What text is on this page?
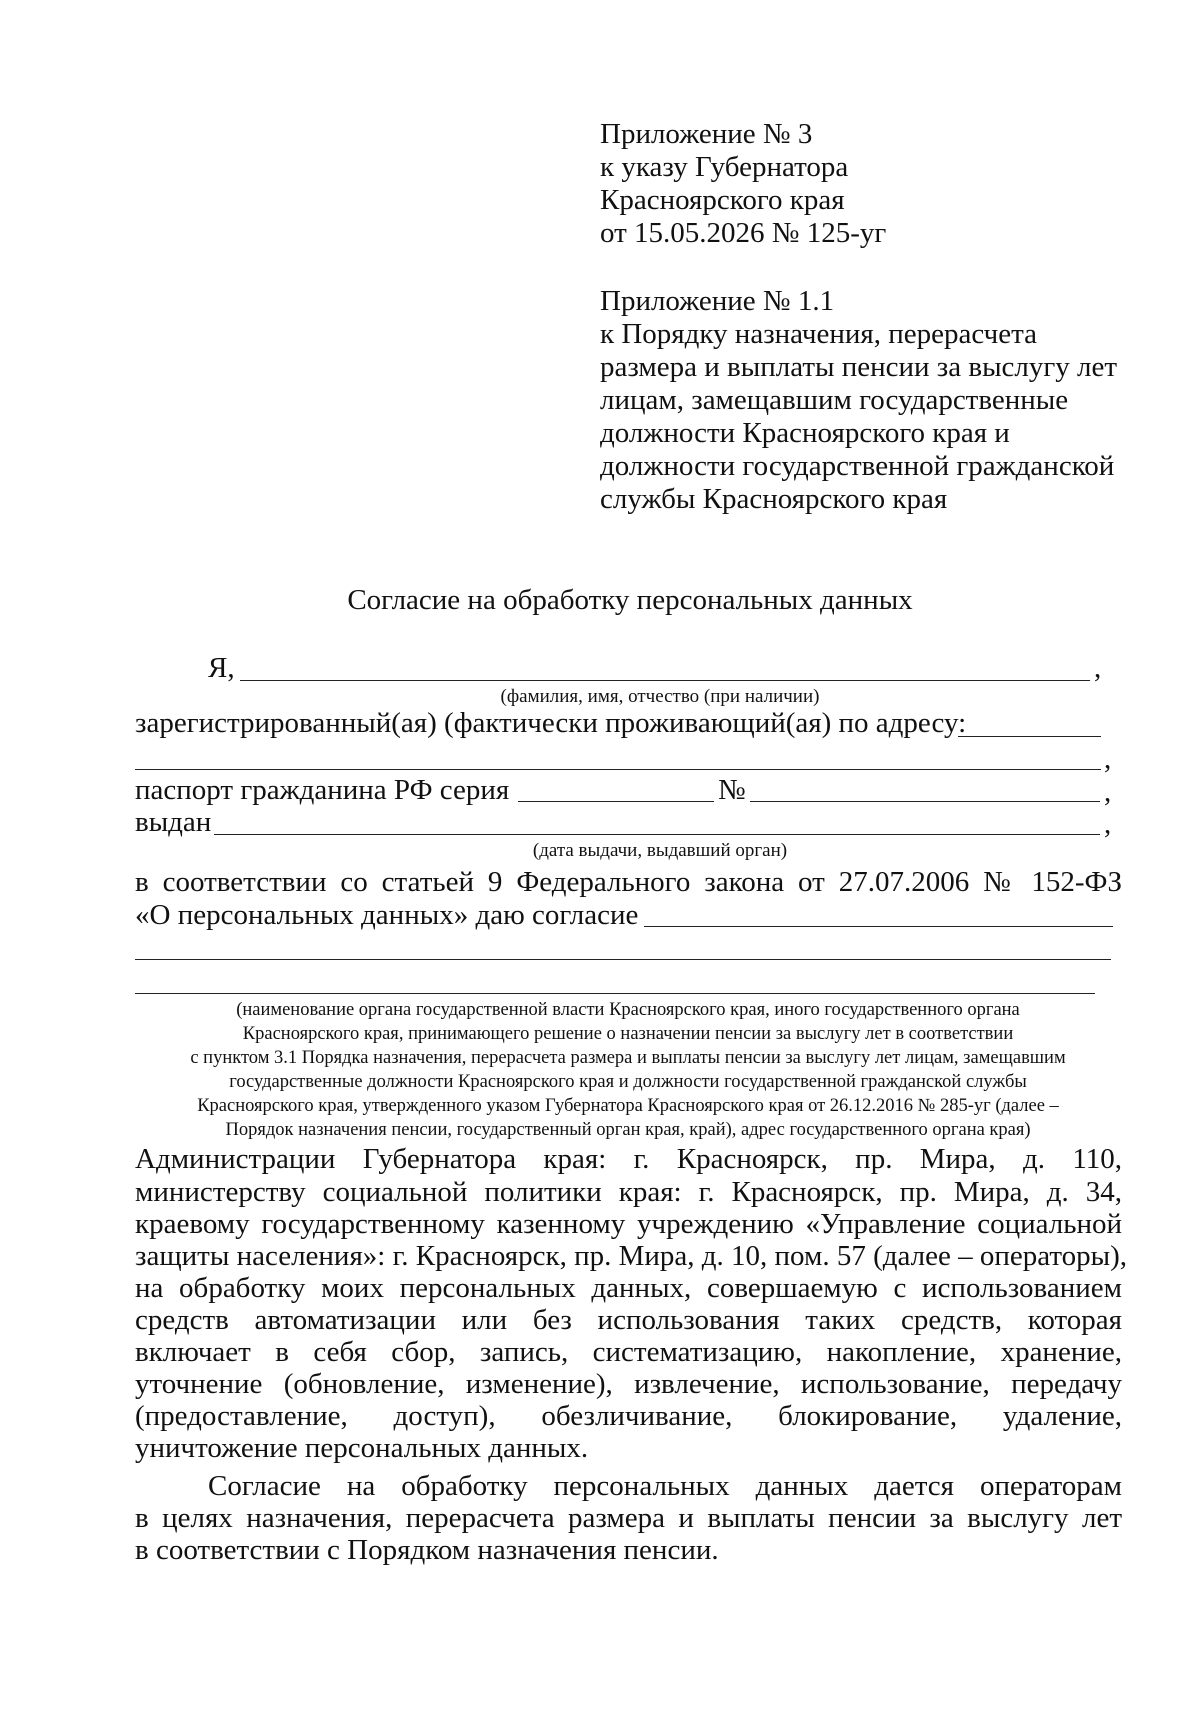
Приложение № 3
к указу Губернатора
Красноярского края
от 15.05.2026 № 125-уг
Приложение № 1.1
к Порядку назначения, перерасчета
размера и выплаты пенсии за выслугу лет
лицам, замещавшим государственные
должности Красноярского края и
должности государственной гражданской
службы Красноярского края
Согласие на обработку персональных данных
Я,	,
(фамилия, имя, отчество (при наличии)
зарегистрированный(ая) (фактически проживающий(ая) по адресу:
,
паспорт гражданина РФ серия	№	,
выдан	,
(дата выдачи, выдавший орган)
в соответствии со статьей 9 Федерального закона от 27.07.2006 № 152-ФЗ
«О персональных данных» даю согласие
(наименование органа государственной власти Красноярского края, иного государственного органа
Красноярского края, принимающего решение о назначении пенсии за выслугу лет в соответствии
с пунктом 3.1 Порядка назначения, перерасчета размера и выплаты пенсии за выслугу лет лицам, замещавшим
государственные должности Красноярского края и должности государственной гражданской службы
Красноярского края, утвержденного указом Губернатора Красноярского края от 26.12.2016 № 285-уг (далее –
Порядок назначения пенсии, государственный орган края, край), адрес государственного органа края)
Администрации Губернатора края: г. Красноярск, пр. Мира, д. 110,
министерству социальной политики края: г. Красноярск, пр. Мира, д. 34,
краевому государственному казенному учреждению «Управление социальной
защиты населения»: г. Красноярск, пр. Мира, д. 10, пом. 57 (далее – операторы),
на обработку моих персональных данных, совершаемую с использованием
средств автоматизации или без использования таких средств, которая
включает в себя сбор, запись, систематизацию, накопление, хранение,
уточнение (обновление, изменение), извлечение, использование, передачу
(предоставление, доступ), обезличивание, блокирование, удаление,
уничтожение персональных данных.
Согласие на обработку персональных данных дается операторам
в целях назначения, перерасчета размера и выплаты пенсии за выслугу лет
в соответствии с Порядком назначения пенсии.
